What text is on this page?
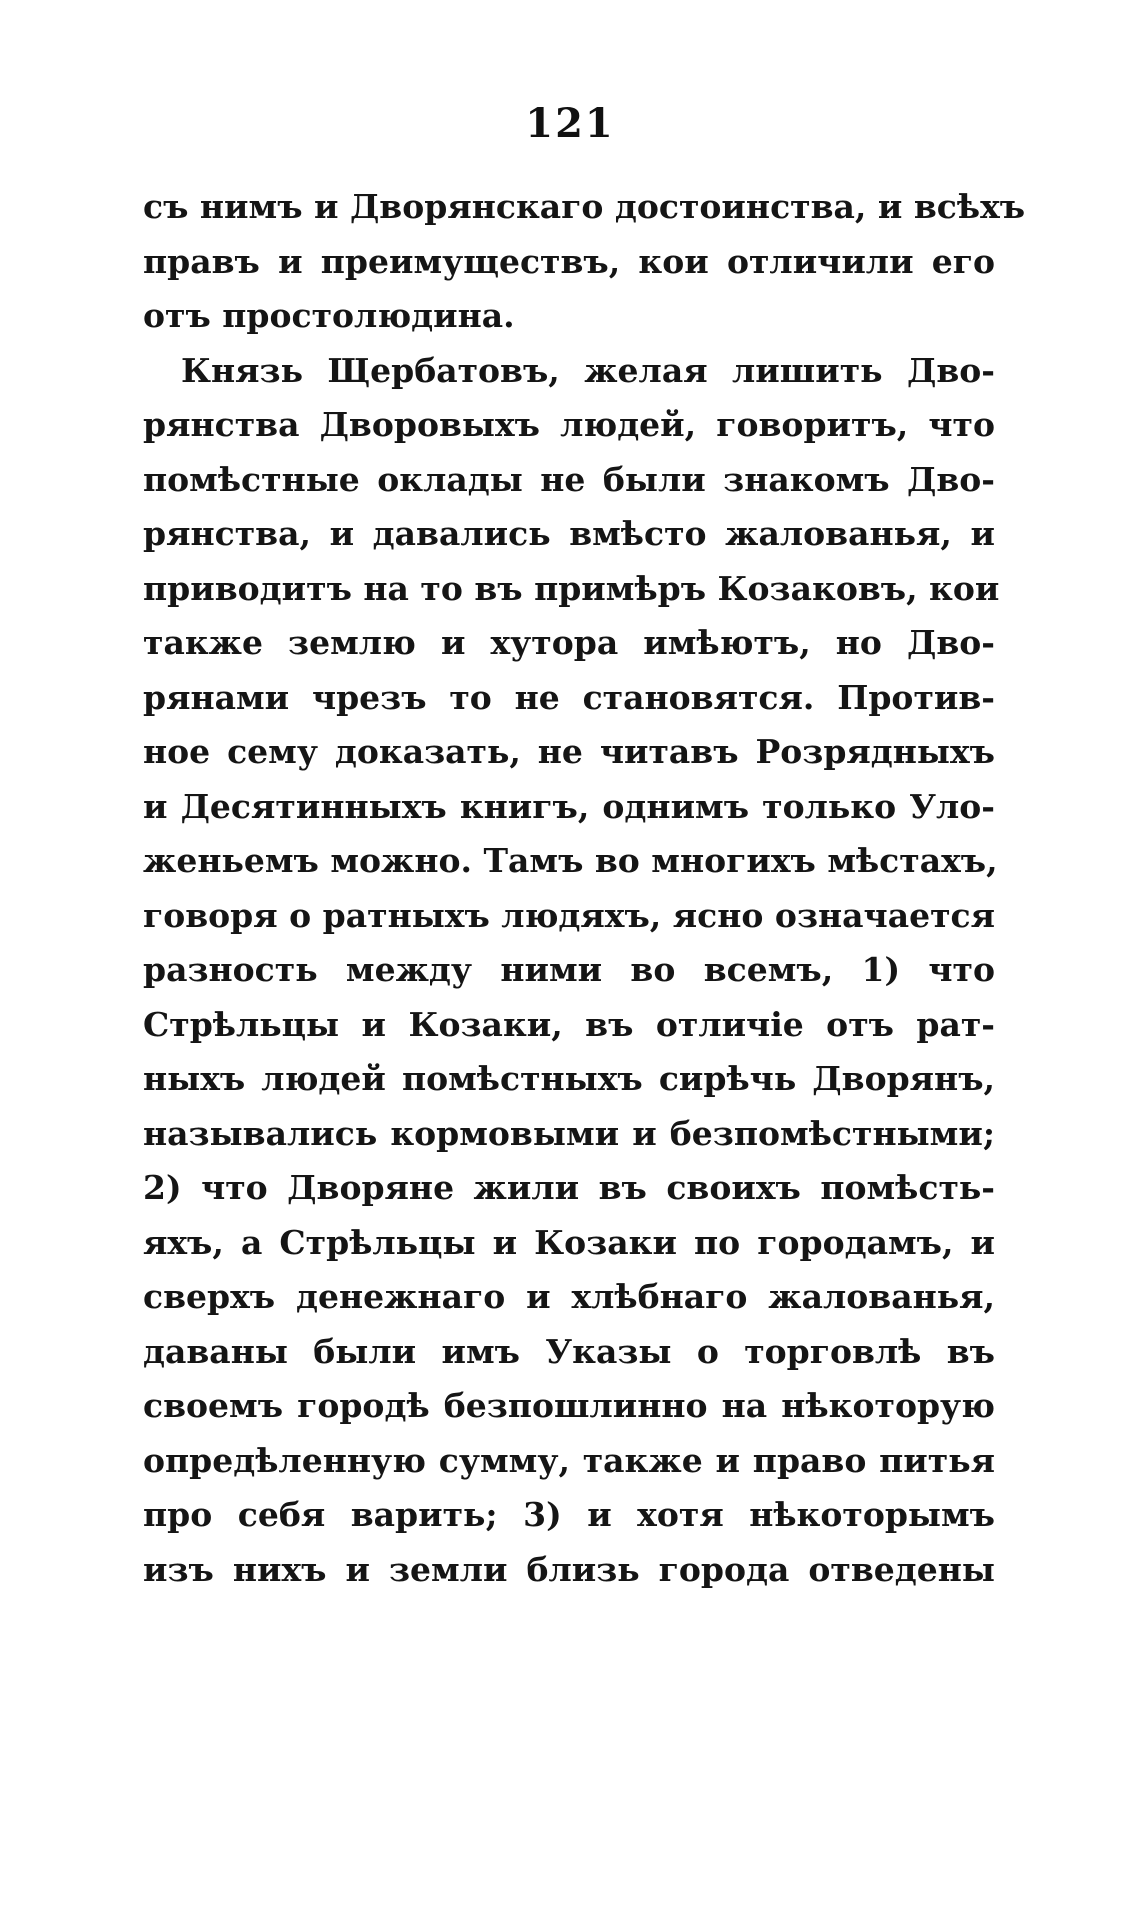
121
съ нимъ и Дворянскаго достоинства, и всѣхъ
правъ и преимуществъ, кои отличили его
отъ простолюдина.
Князь Щербатовъ, желая лишить Дво-
рянства Дворовыхъ людей, говоритъ, что
помѣстные оклады не были знакомъ Дво-
рянства, и давались вмѣсто жалованья, и
приводитъ на то въ примѣръ Козаковъ, кои
также землю и хутора имѣютъ, но Дво-
рянами чрезъ то не становятся. Против-
ное сему доказать, не читавъ Розрядныхъ
и Десятинныхъ книгъ, однимъ только Уло-
женьемъ можно. Тамъ во многихъ мѣстахъ,
говоря о ратныхъ людяхъ, ясно означается
разность между ними во всемъ, 1) что
Стрѣльцы и Козаки, въ отличіе отъ рат-
ныхъ людей помѣстныхъ сирѣчь Дворянъ,
назывались кормовыми и безпомѣстными;
2) что Дворяне жили въ своихъ помѣсть-
яхъ, а Стрѣльцы и Козаки по городамъ, и
сверхъ денежнаго и хлѣбнаго жалованья,
даваны были имъ Указы о торговлѣ въ
своемъ городѣ безпошлинно на нѣкоторую
опредѣленную сумму, также и право питья
про себя варить; 3) и хотя нѣкоторымъ
изъ нихъ и земли близь города отведены
